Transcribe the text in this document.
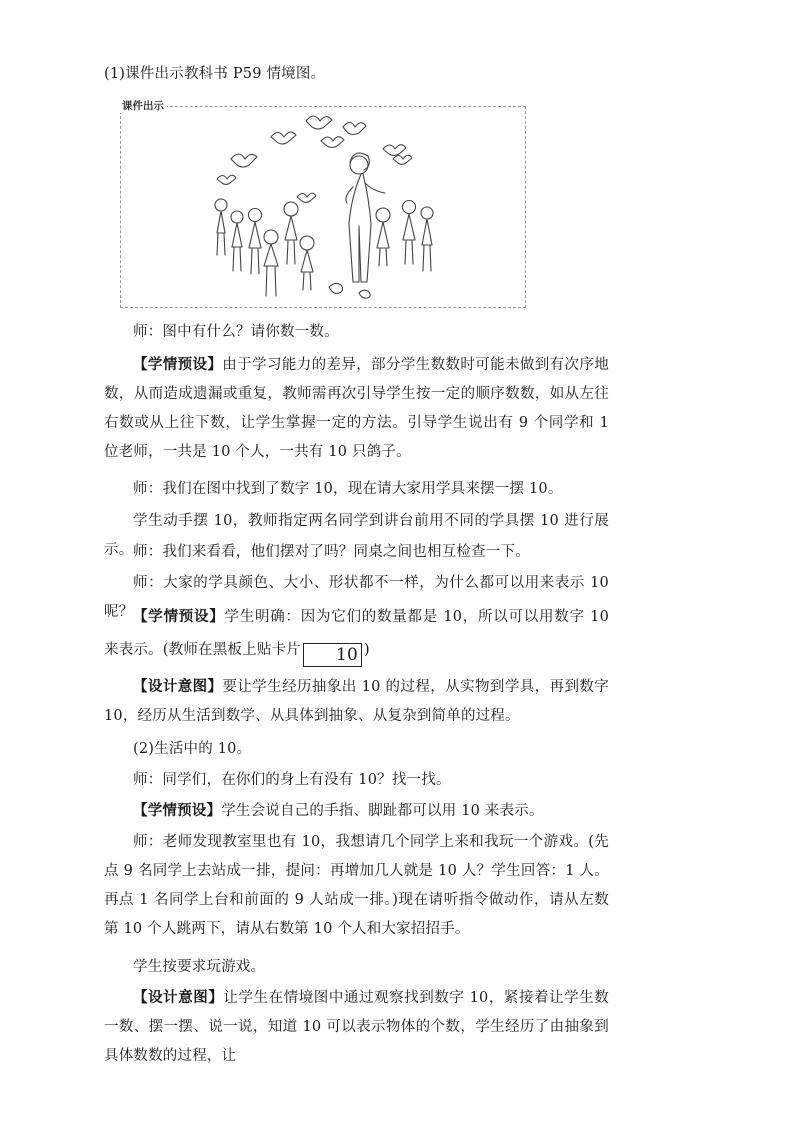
(1)课件出示教科书 P59 情境图。

课件出示

师：图中有什么？请你数一数。

【学情预设】由于学习能力的差异，部分学生数数时可能未做到有次序地数，从而造成遗漏或重复，教师需再次引导学生按一定的顺序数数，如从左往右数或从上往下数，让学生掌握一定的方法。引导学生说出有 9 个同学和 1 位老师，一共是 10 个人，一共有 10 只鸽子。

师：我们在图中找到了数字 10，现在请大家用学具来摆一摆 10。

学生动手摆 10，教师指定两名同学到讲台前用不同的学具摆 10 进行展示。 师：我们来看看，他们摆对了吗？同桌之间也相互检查一下。

师：大家的学具颜色、大小、形状都不一样，为什么都可以用来表示 10 呢？ 【学情预设】学生明确：因为它们的数量都是 10，所以可以用数字 10 来表示。(教师在黑板上贴卡片 10 )

【设计意图】要让学生经历抽象出 10 的过程，从实物到学具，再到数字 10，经历从生活到数学、从具体到抽象、从复杂到简单的过程。

(2)生活中的 10。

师：同学们，在你们的身上有没有 10？找一找。

【学情预设】学生会说自己的手指、脚趾都可以用 10 来表示。

师：老师发现教室里也有 10，我想请几个同学上来和我玩一个游戏。(先点 9 名同学上去站成一排，提问：再增加几人就是 10 人？学生回答：1 人。再点 1 名同学上台和前面的 9 人站成一排。)现在请听指令做动作，请从左数第 10 个人跳两下，请从右数第 10 个人和大家招招手。

学生按要求玩游戏。

【设计意图】让学生在情境图中通过观察找到数字 10，紧接着让学生数一数、摆一摆、说一说，知道 10 可以表示物体的个数，学生经历了由抽象到具体数数的过程，让
